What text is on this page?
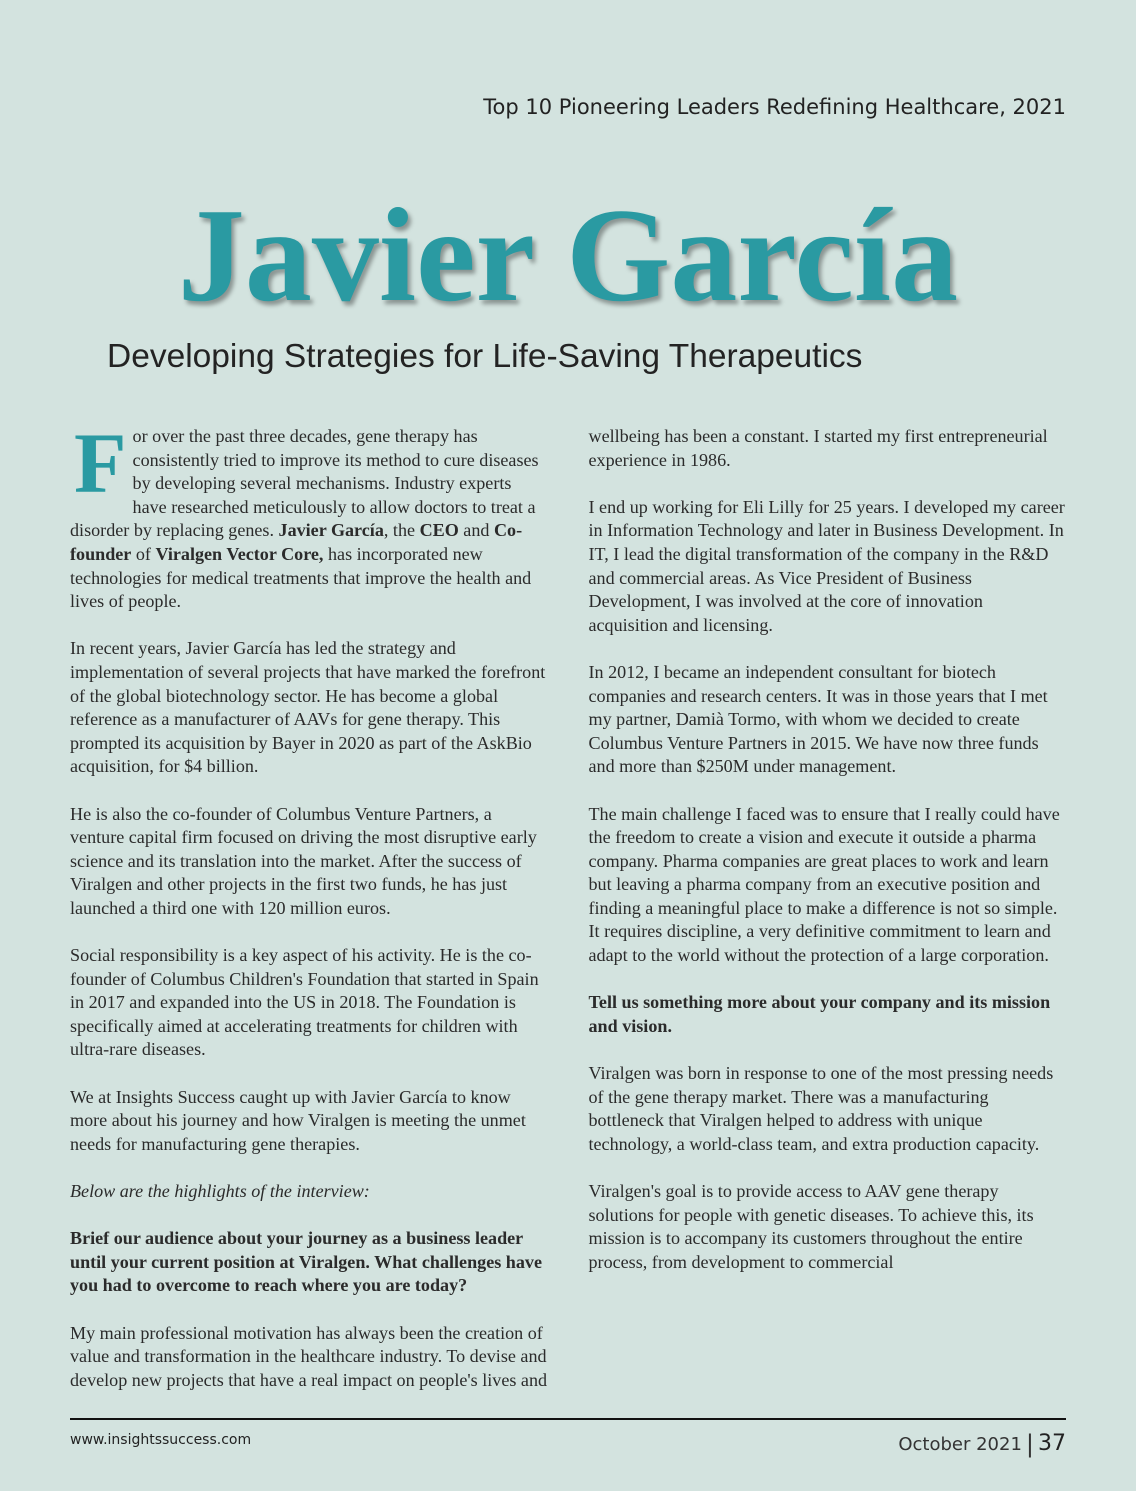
Top 10 Pioneering Leaders Redefining Healthcare, 2021
Javier García
Developing Strategies for Life-Saving Therapeutics

For over the past three decades, gene therapy has consistently tried to improve its method to cure diseases by developing several mechanisms. Industry experts have researched meticulously to allow doctors to treat a disorder by replacing genes. Javier García, the CEO and Co-founder of Viralgen Vector Core, has incorporated new technologies for medical treatments that improve the health and lives of people.

In recent years, Javier García has led the strategy and implementation of several projects that have marked the forefront of the global biotechnology sector. He has become a global reference as a manufacturer of AAVs for gene therapy. This prompted its acquisition by Bayer in 2020 as part of the AskBio acquisition, for $4 billion.

He is also the co-founder of Columbus Venture Partners, a venture capital firm focused on driving the most disruptive early science and its translation into the market. After the success of Viralgen and other projects in the first two funds, he has just launched a third one with 120 million euros.

Social responsibility is a key aspect of his activity. He is the co-founder of Columbus Children's Foundation that started in Spain in 2017 and expanded into the US in 2018. The Foundation is specifically aimed at accelerating treatments for children with ultra-rare diseases.

We at Insights Success caught up with Javier García to know more about his journey and how Viralgen is meeting the unmet needs for manufacturing gene therapies.

Below are the highlights of the interview:

Brief our audience about your journey as a business leader until your current position at Viralgen. What challenges have you had to overcome to reach where you are today?

My main professional motivation has always been the creation of value and transformation in the healthcare industry. To devise and develop new projects that have a real impact on people's lives and wellbeing has been a constant. I started my first entrepreneurial experience in 1986.

I end up working for Eli Lilly for 25 years. I developed my career in Information Technology and later in Business Development. In IT, I lead the digital transformation of the company in the R&D and commercial areas. As Vice President of Business Development, I was involved at the core of innovation acquisition and licensing.

In 2012, I became an independent consultant for biotech companies and research centers. It was in those years that I met my partner, Damià Tormo, with whom we decided to create Columbus Venture Partners in 2015. We have now three funds and more than $250M under management.

The main challenge I faced was to ensure that I really could have the freedom to create a vision and execute it outside a pharma company. Pharma companies are great places to work and learn but leaving a pharma company from an executive position and finding a meaningful place to make a difference is not so simple. It requires discipline, a very definitive commitment to learn and adapt to the world without the protection of a large corporation.

Tell us something more about your company and its mission and vision.

Viralgen was born in response to one of the most pressing needs of the gene therapy market. There was a manufacturing bottleneck that Viralgen helped to address with unique technology, a world-class team, and extra production capacity.

Viralgen's goal is to provide access to AAV gene therapy solutions for people with genetic diseases. To achieve this, its mission is to accompany its customers throughout the entire process, from development to commercial

www.insightssuccess.com	October 2021 | 37
